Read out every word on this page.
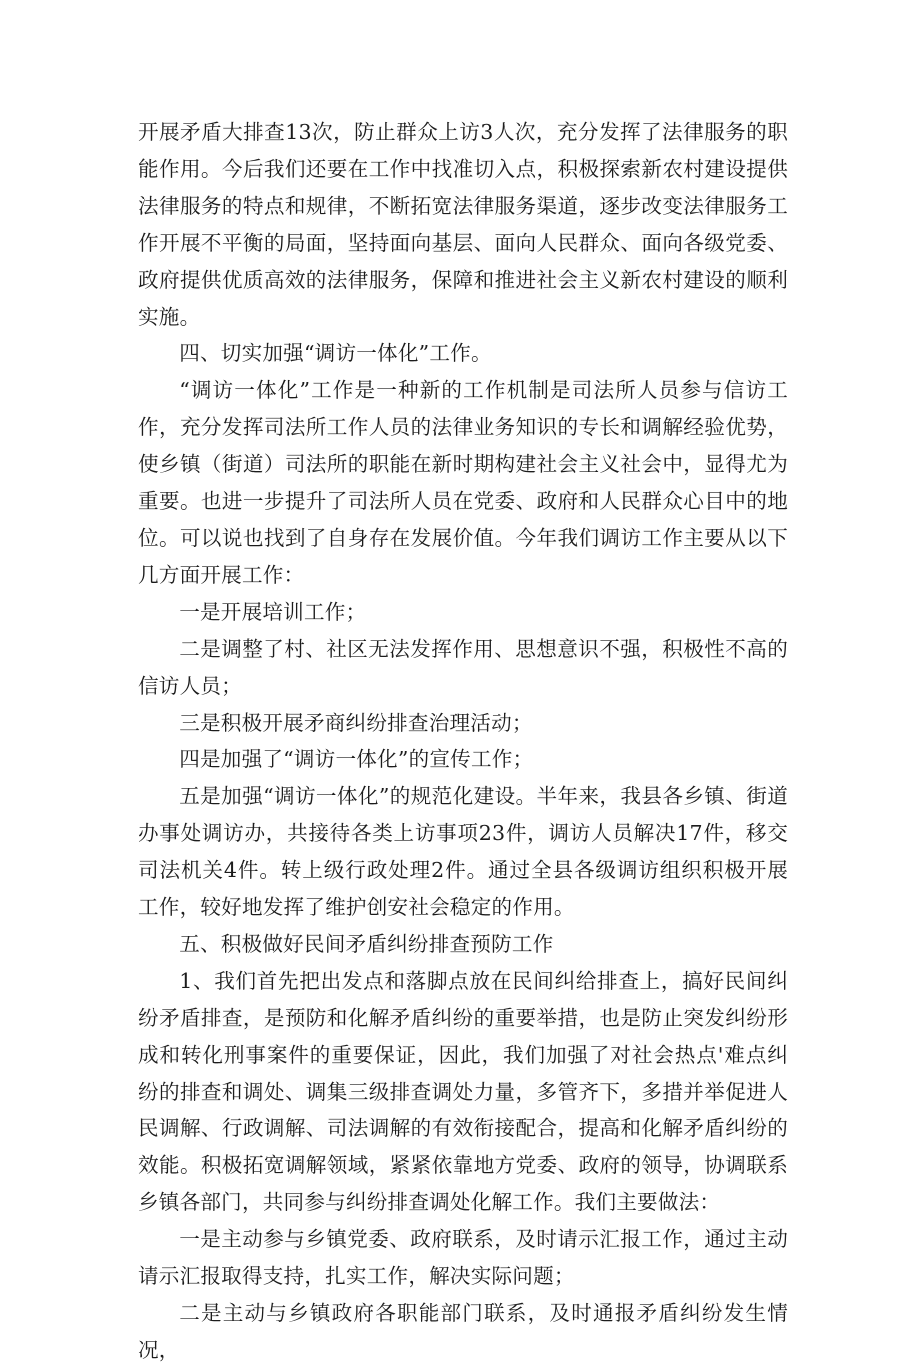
开展矛盾大排查13次，防止群众上访3人次，充分发挥了法律服务的职能作用。今后我们还要在工作中找准切入点，积极探索新农村建设提供法律服务的特点和规律，不断拓宽法律服务渠道，逐步改变法律服务工作开展不平衡的局面，坚持面向基层、面向人民群众、面向各级党委、政府提供优质高效的法律服务，保障和推进社会主义新农村建设的顺利实施。

四、切实加强“调访一体化”工作。

“调访一体化”工作是一种新的工作机制是司法所人员参与信访工作，充分发挥司法所工作人员的法律业务知识的专长和调解经验优势，使乡镇（街道）司法所的职能在新时期构建社会主义社会中，显得尤为重要。也进一步提升了司法所人员在党委、政府和人民群众心目中的地位。可以说也找到了自身存在发展价值。今年我们调访工作主要从以下几方面开展工作：

一是开展培训工作；

二是调整了村、社区无法发挥作用、思想意识不强，积极性不高的信访人员；

三是积极开展矛商纠纷排查治理活动；

四是加强了“调访一体化”的宣传工作；

五是加强“调访一体化”的规范化建设。半年来，我县各乡镇、街道办事处调访办，共接待各类上访事项23件，调访人员解决17件，移交司法机关4件。转上级行政处理2件。通过全县各级调访组织积极开展工作，较好地发挥了维护创安社会稳定的作用。

五、积极做好民间矛盾纠纷排查预防工作

1、我们首先把出发点和落脚点放在民间纠给排查上，搞好民间纠纷矛盾排查，是预防和化解矛盾纠纷的重要举措，也是防止突发纠纷形成和转化刑事案件的重要保证，因此，我们加强了对社会热点'难点纠纷的排查和调处、调集三级排查调处力量，多管齐下，多措并举促进人民调解、行政调解、司法调解的有效衔接配合，提高和化解矛盾纠纷的效能。积极拓宽调解领域，紧紧依靠地方党委、政府的领导，协调联系乡镇各部门，共同参与纠纷排查调处化解工作。我们主要做法：

一是主动参与乡镇党委、政府联系，及时请示汇报工作，通过主动请示汇报取得支持，扎实工作，解决实际问题；

二是主动与乡镇政府各职能部门联系，及时通报矛盾纠纷发生情况，
